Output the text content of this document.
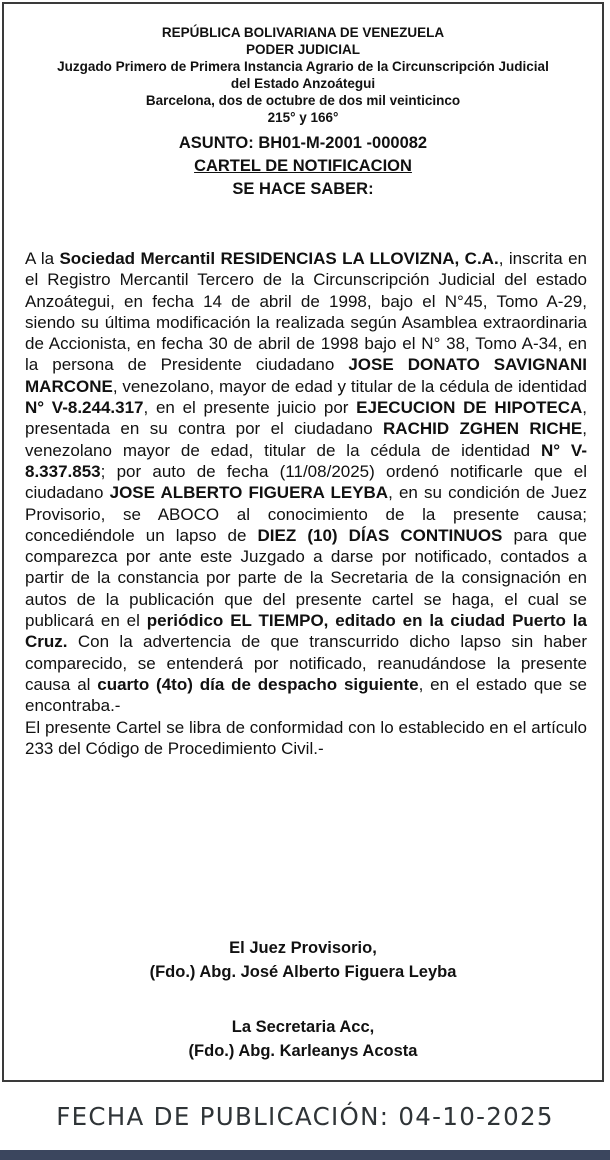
REPÚBLICA BOLIVARIANA DE VENEZUELA
PODER JUDICIAL
Juzgado Primero de Primera Instancia Agrario de la Circunscripción Judicial
del Estado Anzoátegui
Barcelona, dos de octubre de dos mil veinticinco
215° y 166°
ASUNTO: BH01-M-2001 -000082
CARTEL DE NOTIFICACION
SE HACE SABER:

A la Sociedad Mercantil RESIDENCIAS LA LLOVIZNA, C.A., inscrita en el Registro Mercantil Tercero de la Circunscripción Judicial del estado Anzoátegui, en fecha 14 de abril de 1998, bajo el N°45, Tomo A-29, siendo su última modificación la realizada según Asamblea extraordinaria de Accionista, en fecha 30 de abril de 1998 bajo el N° 38, Tomo A-34, en la persona de Presidente ciudadano JOSE DONATO SAVIGNANI MARCONE, venezolano, mayor de edad y titular de la cédula de identidad N° V-8.244.317, en el presente juicio por EJECUCION DE HIPOTECA, presentada en su contra por el ciudadano RACHID ZGHEN RICHE, venezolano mayor de edad, titular de la cédula de identidad N° V-8.337.853; por auto de fecha (11/08/2025) ordenó notificarle que el ciudadano JOSE ALBERTO FIGUERA LEYBA, en su condición de Juez Provisorio, se ABOCO al conocimiento de la presente causa; concediéndole un lapso de DIEZ (10) DÍAS CONTINUOS para que comparezca por ante este Juzgado a darse por notificado, contados a partir de la constancia por parte de la Secretaria de la consignación en autos de la publicación que del presente cartel se haga, el cual se publicará en el periódico EL TIEMPO, editado en la ciudad Puerto la Cruz. Con la advertencia de que transcurrido dicho lapso sin haber comparecido, se entenderá por notificado, reanudándose la presente causa al cuarto (4to) día de despacho siguiente, en el estado que se encontraba.-

El presente Cartel se libra de conformidad con lo establecido en el artículo 233 del Código de Procedimiento Civil.-

El Juez Provisorio,
(Fdo.) Abg. José Alberto Figuera Leyba
La Secretaria Acc,
(Fdo.) Abg. Karleanys Acosta
FECHA DE PUBLICACIÓN: 04-10-2025
